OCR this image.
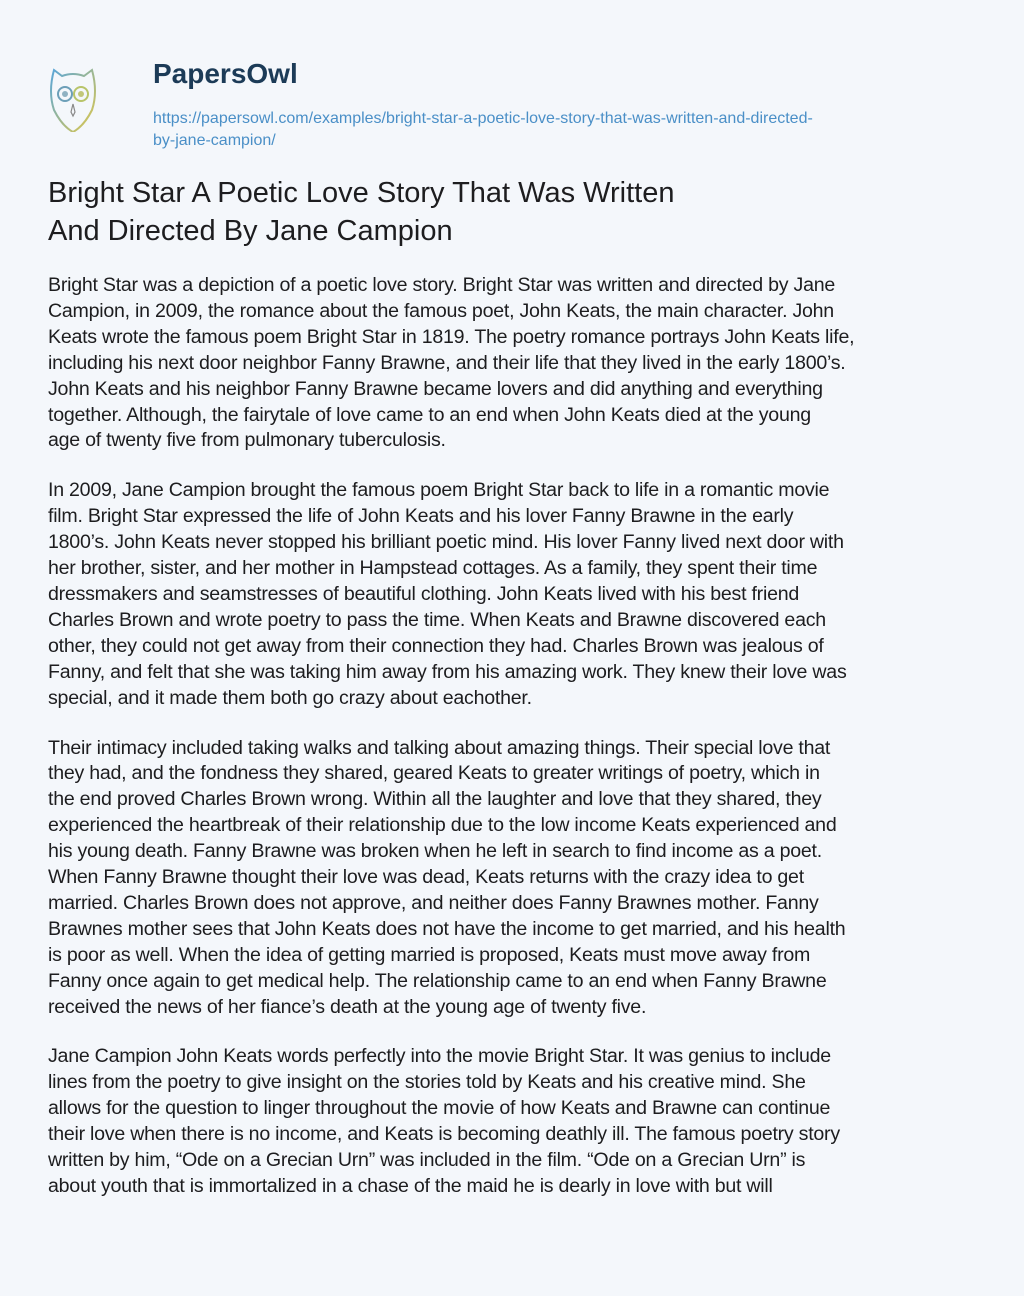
PapersOwl
https://papersowl.com/examples/bright-star-a-poetic-love-story-that-was-written-and-directed-
by-jane-campion/
Bright Star A Poetic Love Story That Was Written
And Directed By Jane Campion
Bright Star was a depiction of a poetic love story. Bright Star was written and directed by Jane
Campion, in 2009, the romance about the famous poet, John Keats, the main character. John
Keats wrote the famous poem Bright Star in 1819. The poetry romance portrays John Keats life,
including his next door neighbor Fanny Brawne, and their life that they lived in the early 1800’s.
John Keats and his neighbor Fanny Brawne became lovers and did anything and everything
together. Although, the fairytale of love came to an end when John Keats died at the young
age of twenty five from pulmonary tuberculosis.
In 2009, Jane Campion brought the famous poem Bright Star back to life in a romantic movie
film. Bright Star expressed the life of John Keats and his lover Fanny Brawne in the early
1800’s. John Keats never stopped his brilliant poetic mind. His lover Fanny lived next door with
her brother, sister, and her mother in Hampstead cottages. As a family, they spent their time
dressmakers and seamstresses of beautiful clothing. John Keats lived with his best friend
Charles Brown and wrote poetry to pass the time. When Keats and Brawne discovered each
other, they could not get away from their connection they had. Charles Brown was jealous of
Fanny, and felt that she was taking him away from his amazing work. They knew their love was
special, and it made them both go crazy about eachother.
Their intimacy included taking walks and talking about amazing things. Their special love that
they had, and the fondness they shared, geared Keats to greater writings of poetry, which in
the end proved Charles Brown wrong. Within all the laughter and love that they shared, they
experienced the heartbreak of their relationship due to the low income Keats experienced and
his young death. Fanny Brawne was broken when he left in search to find income as a poet.
When Fanny Brawne thought their love was dead, Keats returns with the crazy idea to get
married. Charles Brown does not approve, and neither does Fanny Brawnes mother. Fanny
Brawnes mother sees that John Keats does not have the income to get married, and his health
is poor as well. When the idea of getting married is proposed, Keats must move away from
Fanny once again to get medical help. The relationship came to an end when Fanny Brawne
received the news of her fiance’s death at the young age of twenty five.
Jane Campion John Keats words perfectly into the movie Bright Star. It was genius to include
lines from the poetry to give insight on the stories told by Keats and his creative mind. She
allows for the question to linger throughout the movie of how Keats and Brawne can continue
their love when there is no income, and Keats is becoming deathly ill. The famous poetry story
written by him, “Ode on a Grecian Urn” was included in the film. “Ode on a Grecian Urn” is
about youth that is immortalized in a chase of the maid he is dearly in love with but will
